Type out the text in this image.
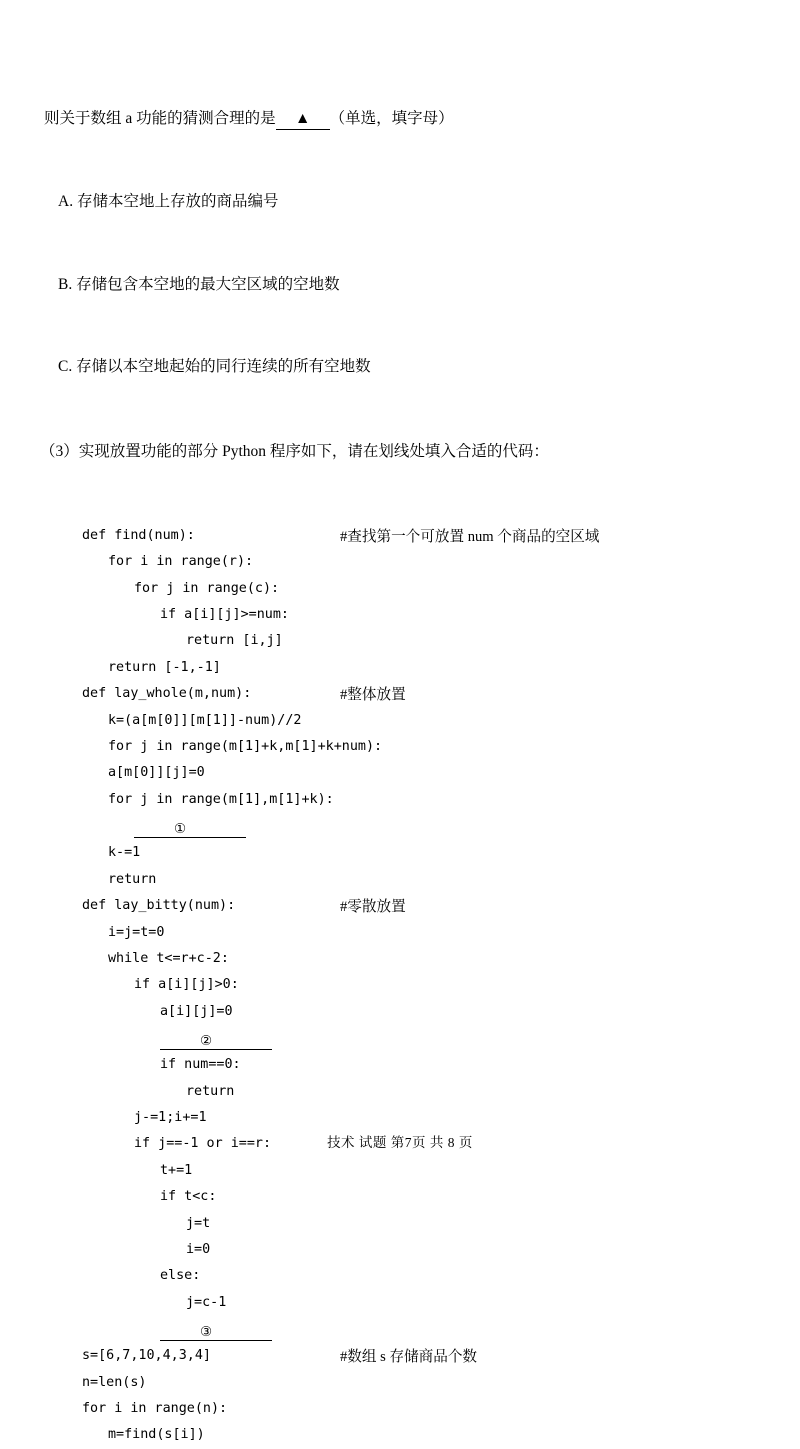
则关于数组 a 功能的猜测合理的是 ▲ （单选，填字母）

A. 存储本空地上存放的商品编号

B. 存储包含本空地的最大空区域的空地数

C. 存储以本空地起始的同行连续的所有空地数

（3）实现放置功能的部分 Python 程序如下，请在划线处填入合适的代码：

def find(num):	#查找第一个可放置 num 个商品的空区域
for i in range(r):
for j in range(c):
if a[i][j]>=num:
return [i,j]
return [-1,-1]
def lay_whole(m,num):	#整体放置
k=(a[m[0]][m[1]]-num)//2
for j in range(m[1]+k,m[1]+k+num):
a[m[0]][j]=0
for j in range(m[1],m[1]+k):
①
k-=1
return
def lay_bitty(num):	#零散放置
i=j=t=0
while t<=r+c-2:
if a[i][j]>0:
a[i][j]=0
②
if num==0:
return
j-=1;i+=1
if j==-1 or i==r:
t+=1
if t<c:
j=t
i=0
else:
j=c-1
③
s=[6,7,10,4,3,4]	#数组 s 存储商品个数
n=len(s)
for i in range(n):
m=find(s[i])
技术 试题 第7页 共 8 页
